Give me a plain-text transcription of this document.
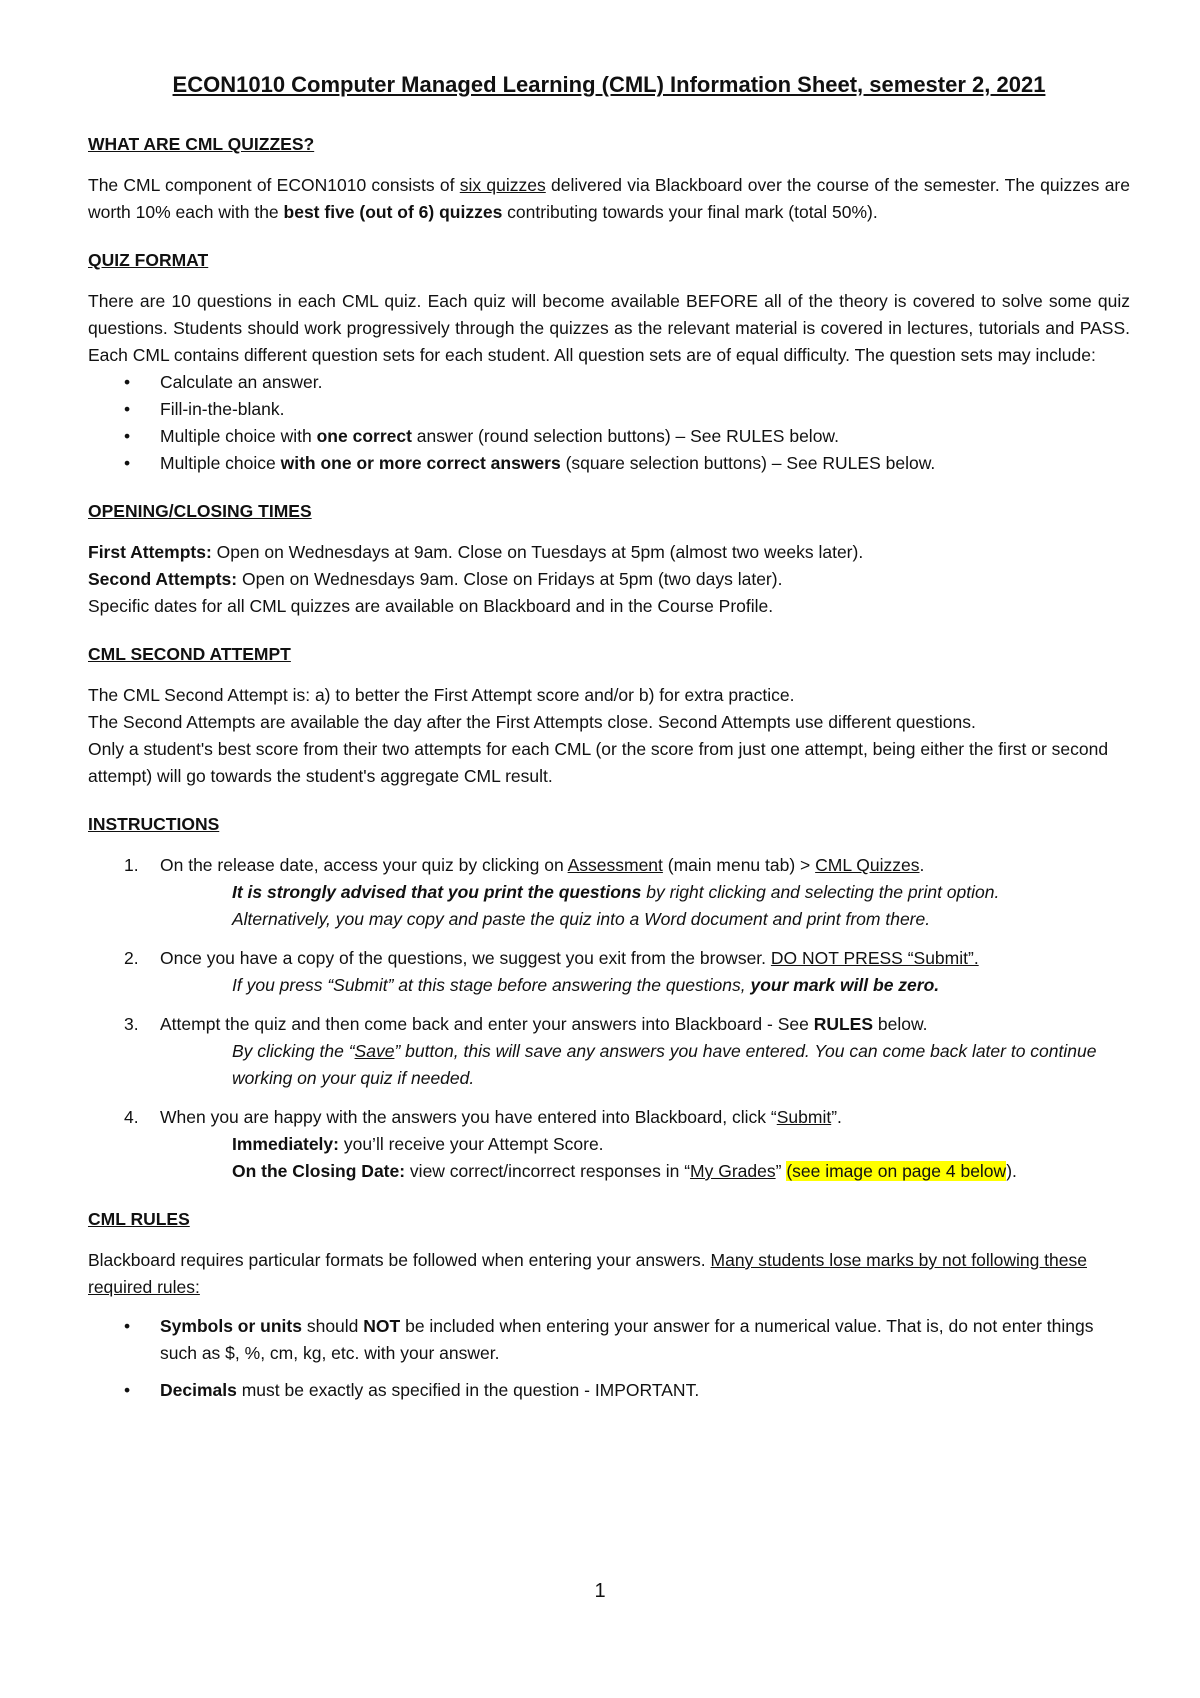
ECON1010 Computer Managed Learning (CML) Information Sheet, semester 2, 2021
WHAT ARE CML QUIZZES?

The CML component of ECON1010 consists of six quizzes delivered via Blackboard over the course of the semester. The quizzes are worth 10% each with the best five (out of 6) quizzes contributing towards your final mark (total 50%).

QUIZ FORMAT

There are 10 questions in each CML quiz. Each quiz will become available BEFORE all of the theory is covered to solve some quiz questions. Students should work progressively through the quizzes as the relevant material is covered in lectures, tutorials and PASS. Each CML contains different question sets for each student. All question sets are of equal difficulty. The question sets may include:

• Calculate an answer.
• Fill-in-the-blank.
• Multiple choice with one correct answer (round selection buttons) – See RULES below.
• Multiple choice with one or more correct answers (square selection buttons) – See RULES below.
OPENING/CLOSING TIMES

First Attempts: Open on Wednesdays at 9am. Close on Tuesdays at 5pm (almost two weeks later).

Second Attempts: Open on Wednesdays 9am. Close on Fridays at 5pm (two days later).

Specific dates for all CML quizzes are available on Blackboard and in the Course Profile.

CML SECOND ATTEMPT

The CML Second Attempt is: a) to better the First Attempt score and/or b) for extra practice.

The Second Attempts are available the day after the First Attempts close. Second Attempts use different questions.

Only a student's best score from their two attempts for each CML (or the score from just one attempt, being either the first or second attempt) will go towards the student's aggregate CML result.

INSTRUCTIONS
1. On the release date, access your quiz by clicking on Assessment (main menu tab) > CML Quizzes.

It is strongly advised that you print the questions by right clicking and selecting the print option.

Alternatively, you may copy and paste the quiz into a Word document and print from there.

2. Once you have a copy of the questions, we suggest you exit from the browser. DO NOT PRESS “Submit”.

If you press “Submit” at this stage before answering the questions, your mark will be zero.

3. Attempt the quiz and then come back and enter your answers into Blackboard - See RULES below.

By clicking the “Save” button, this will save any answers you have entered. You can come back later to continue working on your quiz if needed.

4. When you are happy with the answers you have entered into Blackboard, click “Submit”.

Immediately: you’ll receive your Attempt Score.

On the Closing Date: view correct/incorrect responses in “My Grades” (see image on page 4 below).

CML RULES

Blackboard requires particular formats be followed when entering your answers. Many students lose marks by not following these required rules:

• Symbols or units should NOT be included when entering your answer for a numerical value. That is, do not enter things such as $, %, cm, kg, etc. with your answer.
• Decimals must be exactly as specified in the question - IMPORTANT.
1
